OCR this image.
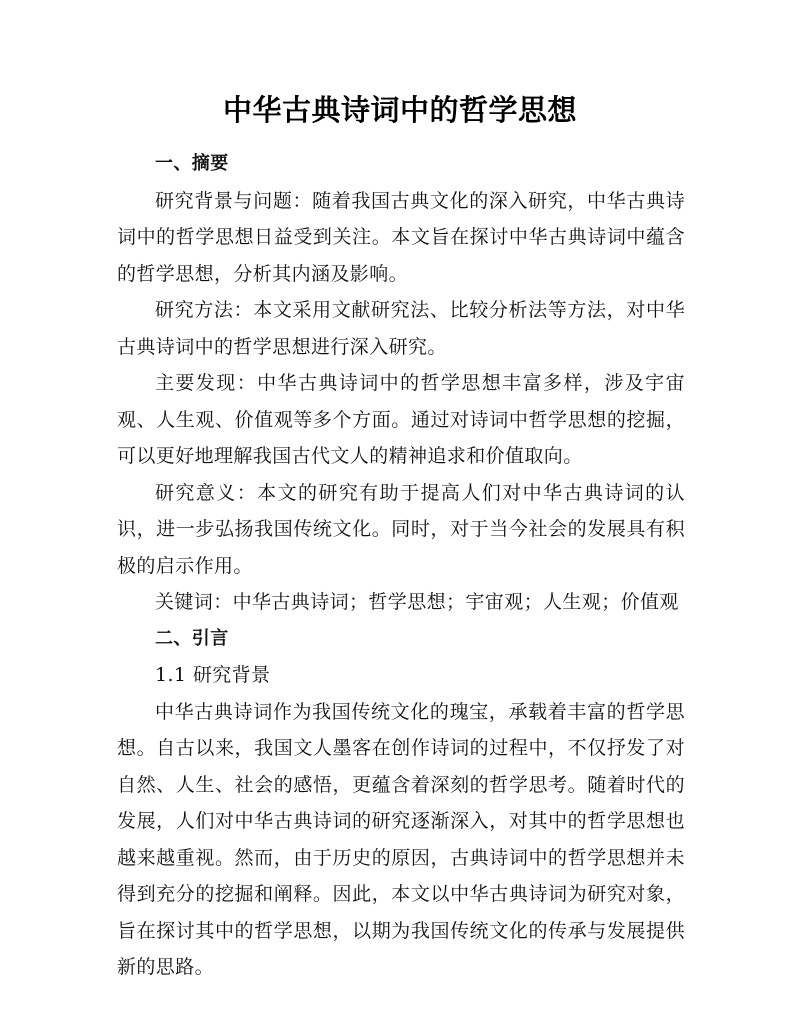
中华古典诗词中的哲学思想

一、摘要

研究背景与问题：随着我国古典文化的深入研究，中华古典诗词中的哲学思想日益受到关注。本文旨在探讨中华古典诗词中蕴含的哲学思想，分析其内涵及影响。

研究方法：本文采用文献研究法、比较分析法等方法，对中华古典诗词中的哲学思想进行深入研究。

主要发现：中华古典诗词中的哲学思想丰富多样，涉及宇宙观、人生观、价值观等多个方面。通过对诗词中哲学思想的挖掘，可以更好地理解我国古代文人的精神追求和价值取向。

研究意义：本文的研究有助于提高人们对中华古典诗词的认识，进一步弘扬我国传统文化。同时，对于当今社会的发展具有积极的启示作用。

关键词：中华古典诗词；哲学思想；宇宙观；人生观；价值观

二、引言

1.1 研究背景

中华古典诗词作为我国传统文化的瑰宝，承载着丰富的哲学思想。自古以来，我国文人墨客在创作诗词的过程中，不仅抒发了对自然、人生、社会的感悟，更蕴含着深刻的哲学思考。随着时代的发展，人们对中华古典诗词的研究逐渐深入，对其中的哲学思想也越来越重视。然而，由于历史的原因，古典诗词中的哲学思想并未得到充分的挖掘和阐释。因此，本文以中华古典诗词为研究对象，旨在探讨其中的哲学思想，以期为我国传统文化的传承与发展提供新的思路。
